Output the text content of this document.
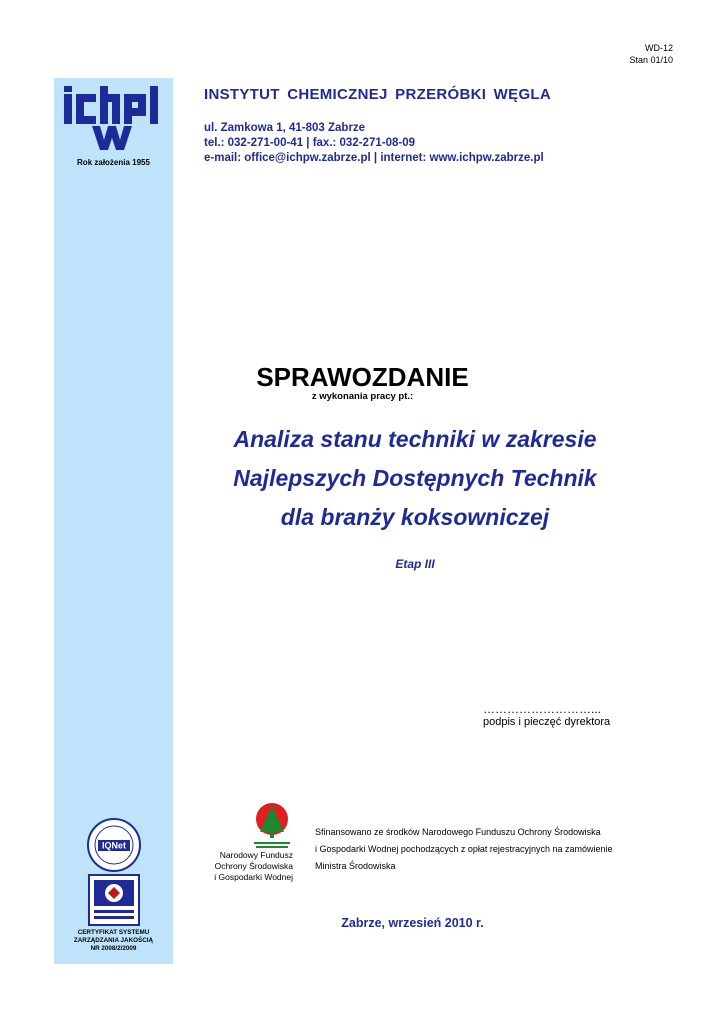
WD-12
Stan 01/10
Rok założenia 1955
INSTYTUT CHEMICZNEJ PRZERÓBKI WĘGLA
ul. Zamkowa 1, 41-803 Zabrze
tel.: 032-271-00-41 | fax.: 032-271-08-09
e-mail: office@ichpw.zabrze.pl | internet: www.ichpw.zabrze.pl
SPRAWOZDANIE
z wykonania pracy pt.:
Analiza stanu techniki w zakresie
Najlepszych Dostępnych Technik
dla branży koksowniczej
Etap III
………………………...
podpis i pieczęć dyrektora
Narodowy Fundusz
Ochrony Środowiska
i Gospodarki Wodnej
Sfinansowano ze środków Narodowego Funduszu Ochrony Środowiska
i Gospodarki Wodnej pochodzących z opłat rejestracyjnych na zamówienie
Ministra Środowiska
IQNet
CERTYFIKAT SYSTEMU
ZARZĄDZANIA JAKOŚCIĄ
NR 2008/2/2009
Zabrze, wrzesień 2010 r.
